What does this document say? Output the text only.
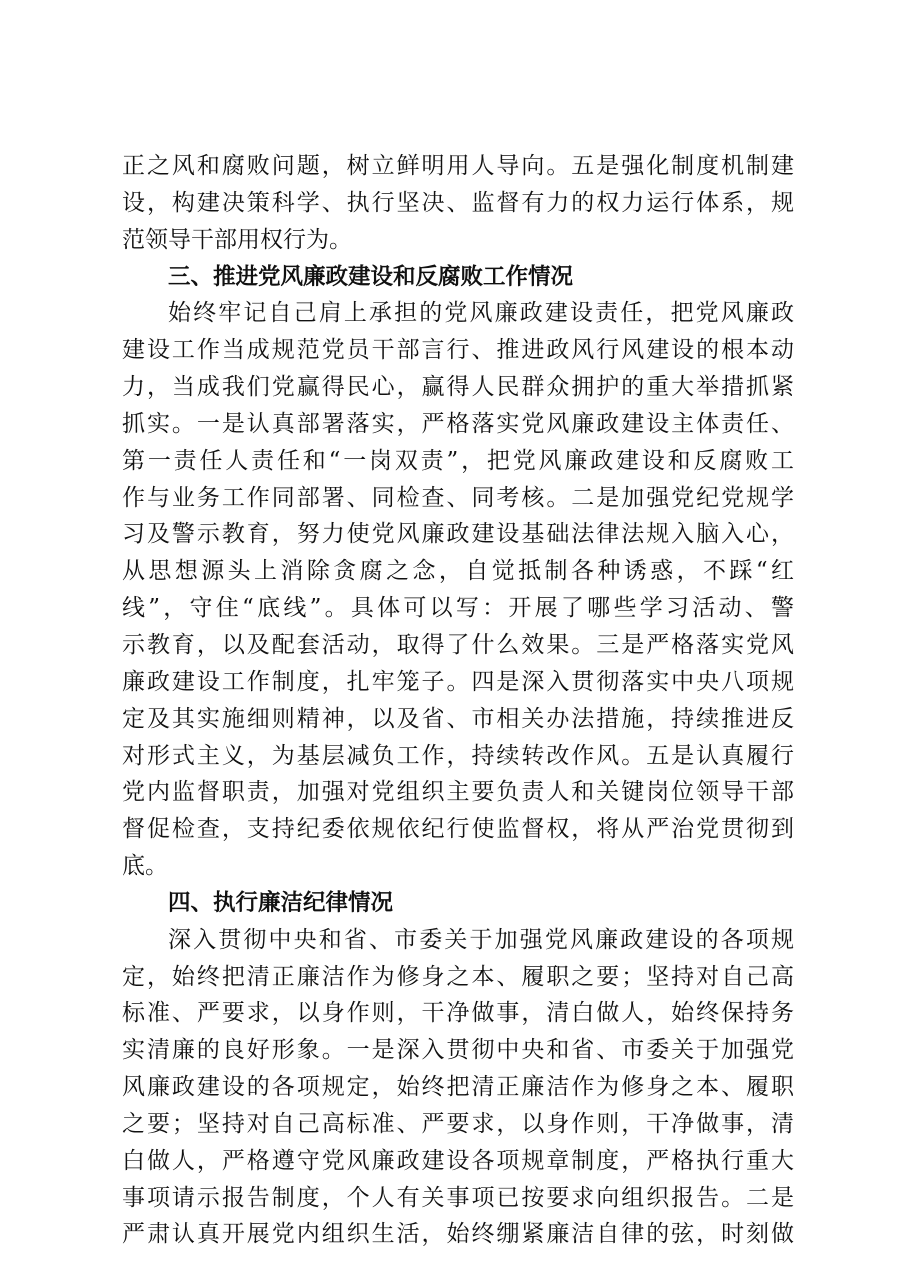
正之风和腐败问题，树立鲜明用人导向。五是强化制度机制建
设，构建决策科学、执行坚决、监督有力的权力运行体系，规
范领导干部用权行为。
三、推进党风廉政建设和反腐败工作情况
始终牢记自己肩上承担的党风廉政建设责任，把党风廉政
建设工作当成规范党员干部言行、推进政风行风建设的根本动
力，当成我们党赢得民心，赢得人民群众拥护的重大举措抓紧
抓实。一是认真部署落实，严格落实党风廉政建设主体责任、
第一责任人责任和“一岗双责”，把党风廉政建设和反腐败工
作与业务工作同部署、同检查、同考核。二是加强党纪党规学
习及警示教育，努力使党风廉政建设基础法律法规入脑入心，
从思想源头上消除贪腐之念，自觉抵制各种诱惑，不踩“红
线”，守住“底线”。具体可以写：开展了哪些学习活动、警
示教育，以及配套活动，取得了什么效果。三是严格落实党风
廉政建设工作制度，扎牢笼子。四是深入贯彻落实中央八项规
定及其实施细则精神，以及省、市相关办法措施，持续推进反
对形式主义，为基层减负工作，持续转改作风。五是认真履行
党内监督职责，加强对党组织主要负责人和关键岗位领导干部
督促检查，支持纪委依规依纪行使监督权，将从严治党贯彻到
底。
四、执行廉洁纪律情况
深入贯彻中央和省、市委关于加强党风廉政建设的各项规
定，始终把清正廉洁作为修身之本、履职之要；坚持对自己高
标准、严要求，以身作则，干净做事，清白做人，始终保持务
实清廉的良好形象。一是深入贯彻中央和省、市委关于加强党
风廉政建设的各项规定，始终把清正廉洁作为修身之本、履职
之要；坚持对自己高标准、严要求，以身作则，干净做事，清
白做人，严格遵守党风廉政建设各项规章制度，严格执行重大
事项请示报告制度，个人有关事项已按要求向组织报告。二是
严肃认真开展党内组织生活，始终绷紧廉洁自律的弦，时刻做
